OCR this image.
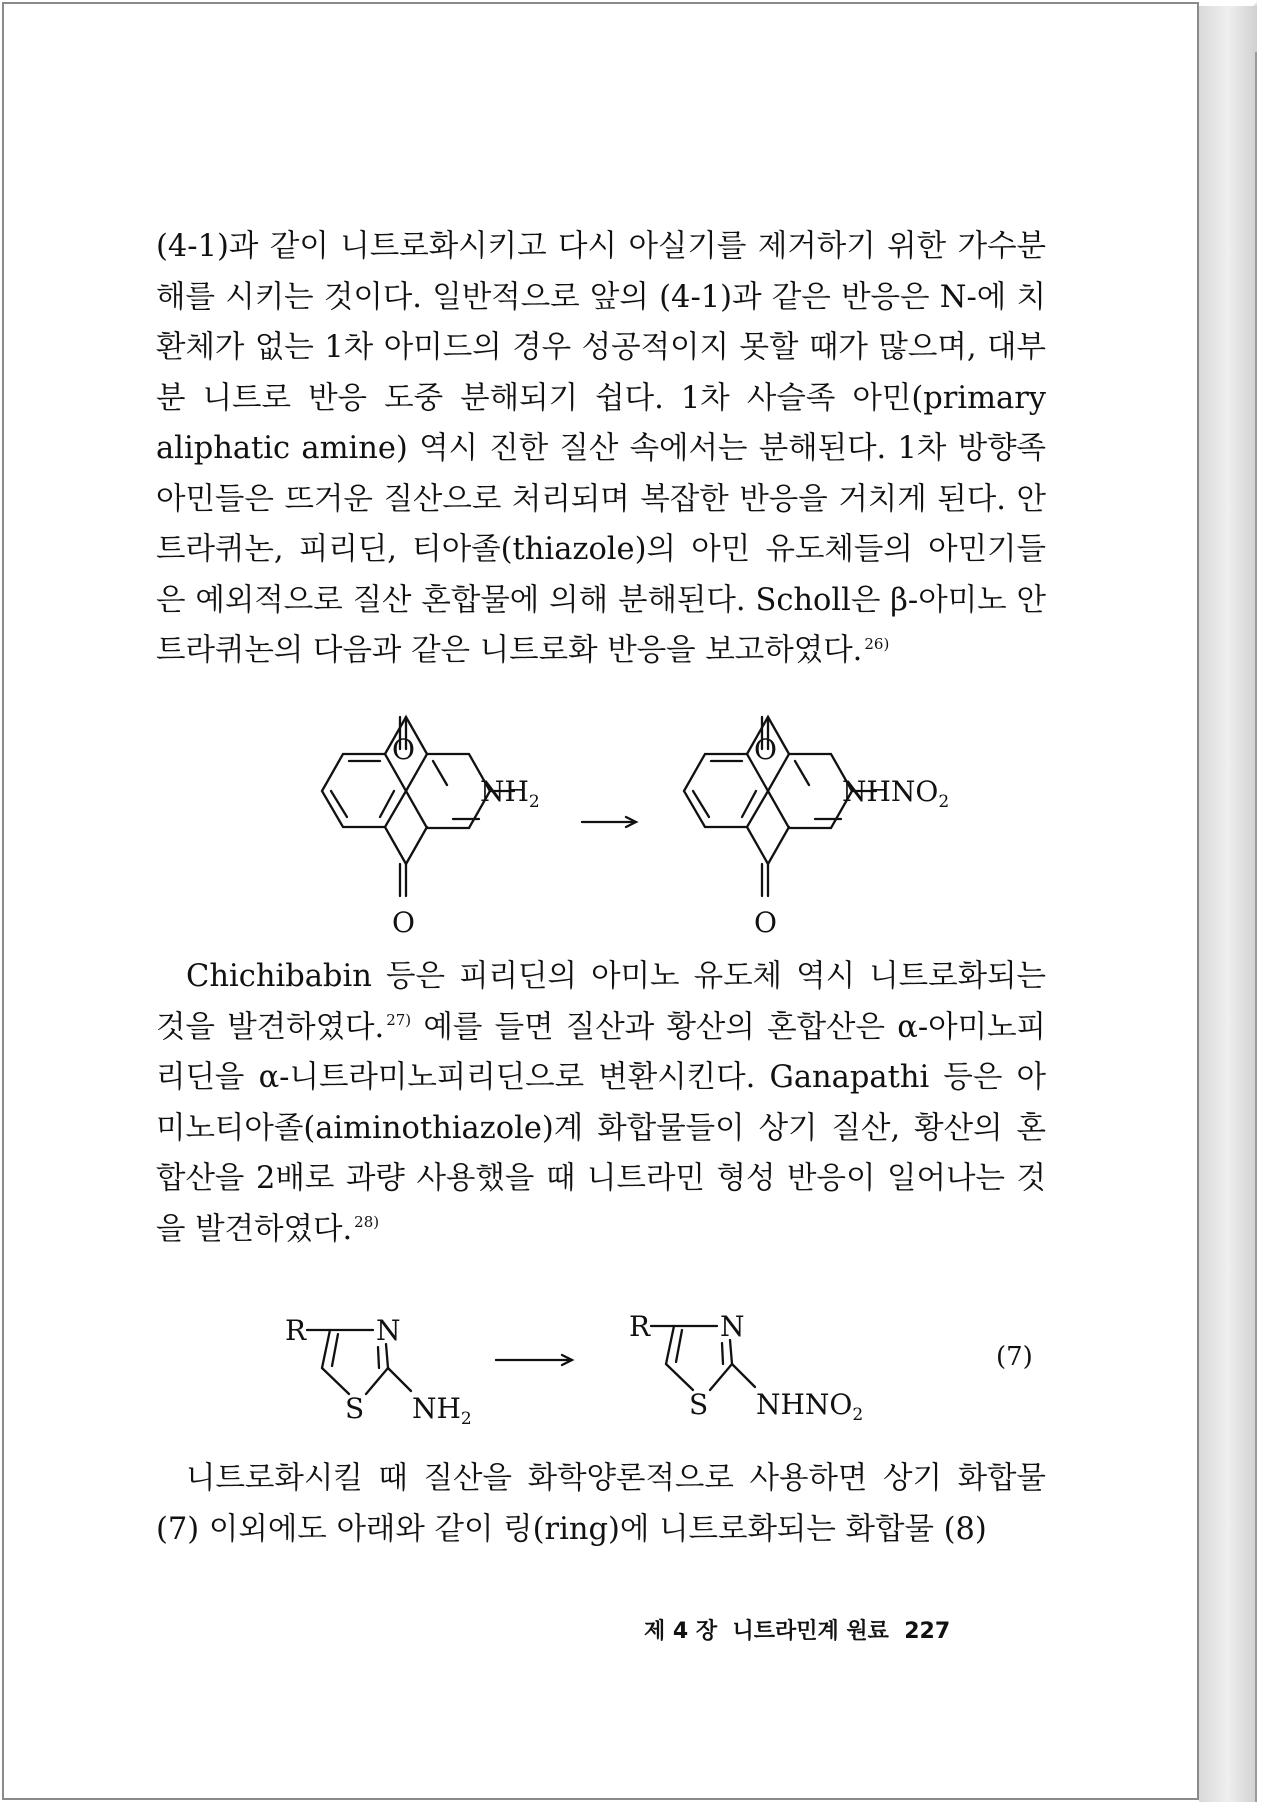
(4-1)과 같이 니트로화시키고 다시 아실기를 제거하기 위한 가수분해를 시키는 것이다. 일반적으로 앞의 (4-1)과 같은 반응은 N-에 치환체가 없는 1차 아미드의 경우 성공적이지 못할 때가 많으며, 대부분 니트로 반응 도중 분해되기 쉽다. 1차 사슬족 아민(primary aliphatic amine) 역시 진한 질산 속에서는 분해된다. 1차 방향족 아민들은 뜨거운 질산으로 처리되며 복잡한 반응을 거치게 된다. 안트라퀴논, 피리딘, 티아졸(thiazole)의 아민 유도체들의 아민기들은 예외적으로 질산 혼합물에 의해 분해된다. Scholl은 β-아미노 안트라퀴논의 다음과 같은 니트로화 반응을 보고하였다. $^{26)}$

O
O
$NH_2$
O
O
$NHNO_2$

Chichibabin 등은 피리딘의 아미노 유도체 역시 니트로화되는 것을 발견하였다. $^{27)}$ 예를 들면 질산과 황산의 혼합산은 α-아미노피리딘을 α-니트라미노피리딘으로 변환시킨다. Ganapathi 등은 아미노티아졸(aiminothiazole)계 화합물들이 상기 질산, 황산의 혼합산을 2배로 과량 사용했을 때 니트라민 형성 반응이 일어나는 것을 발견하였다. $^{28)}$

R N
S $NH_2$
R N
S $NHNO_2$
(7)

니트로화시킬 때 질산을 화학양론적으로 사용하면 상기 화합물 (7) 이외에도 아래와 같이 링(ring)에 니트로화되는 화합물 (8)

제 4 장 니트라민계 원료 227
